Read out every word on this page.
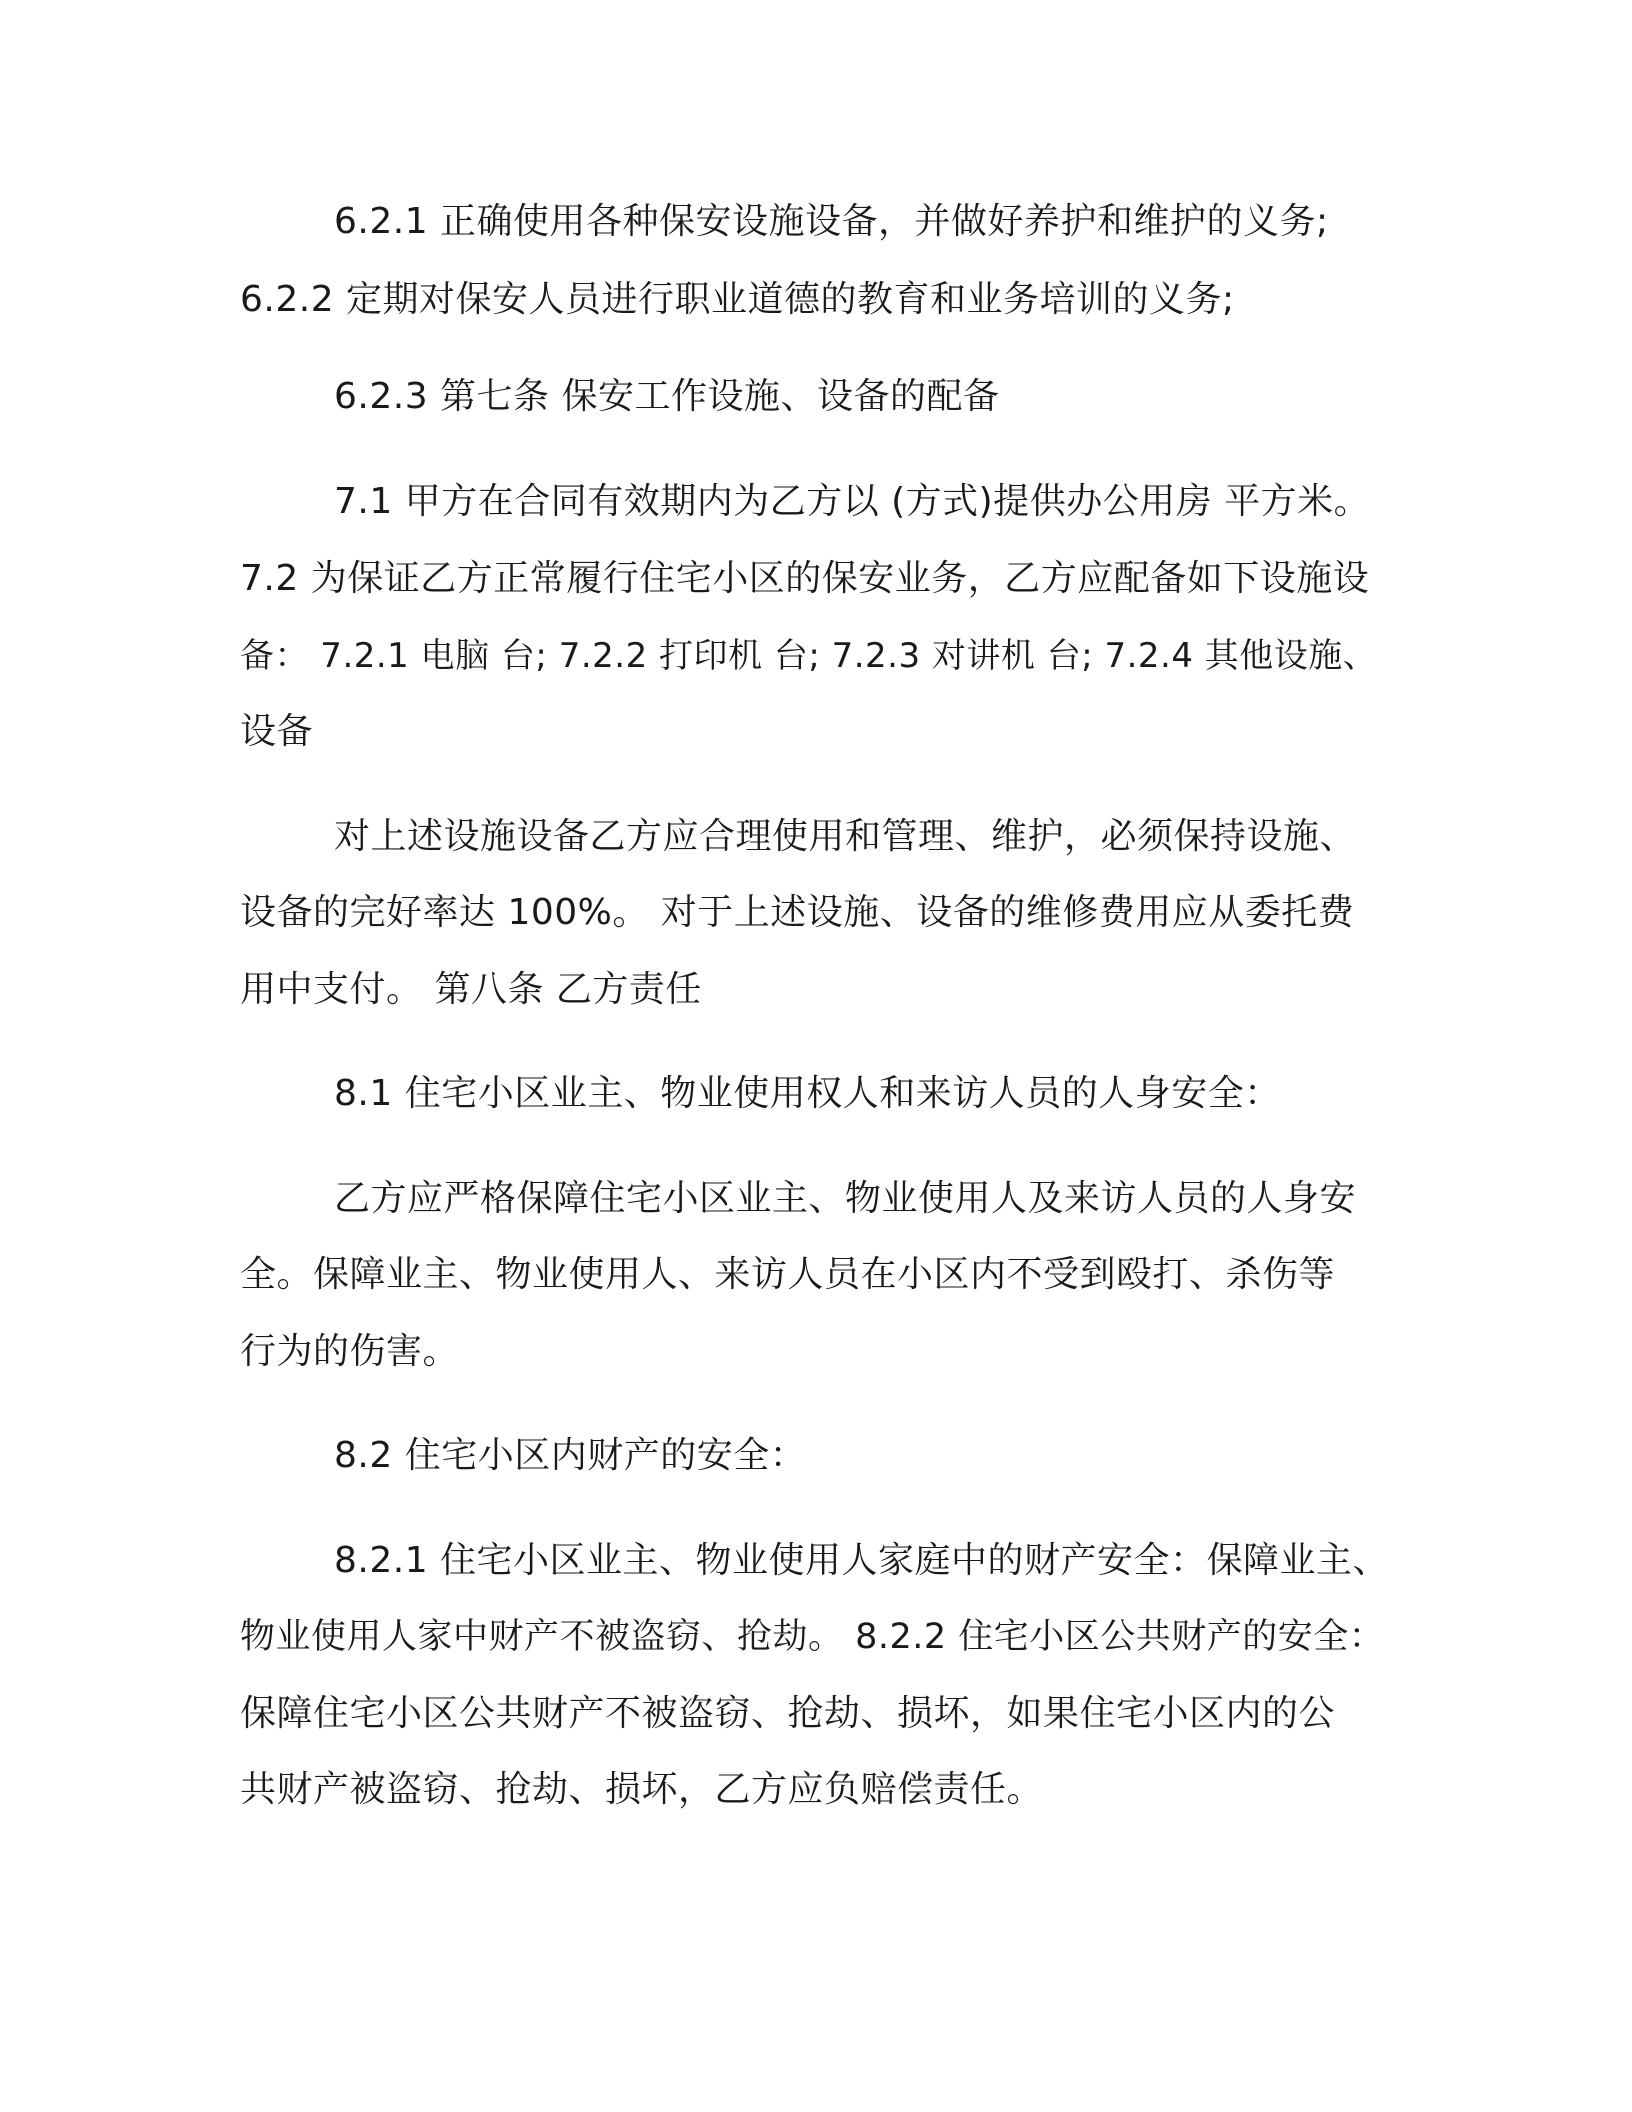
6.2.1 正确使用各种保安设施设备，并做好养护和维护的义务;
6.2.2 定期对保安人员进行职业道德的教育和业务培训的义务;
6.2.3 第七条 保安工作设施、设备的配备
7.1 甲方在合同有效期内为乙方以 (方式)提供办公用房 平方米。
7.2 为保证乙方正常履行住宅小区的保安业务，乙方应配备如下设施设
备： 7.2.1 电脑 台; 7.2.2 打印机 台; 7.2.3 对讲机 台; 7.2.4 其他设施、
设备
对上述设施设备乙方应合理使用和管理、维护，必须保持设施、
设备的完好率达 100%。 对于上述设施、设备的维修费用应从委托费
用中支付。 第八条 乙方责任
8.1 住宅小区业主、物业使用权人和来访人员的人身安全：
乙方应严格保障住宅小区业主、物业使用人及来访人员的人身安
全。保障业主、物业使用人、来访人员在小区内不受到殴打、杀伤等
行为的伤害。
8.2 住宅小区内财产的安全：
8.2.1 住宅小区业主、物业使用人家庭中的财产安全：保障业主、
物业使用人家中财产不被盗窃、抢劫。 8.2.2 住宅小区公共财产的安全：
保障住宅小区公共财产不被盗窃、抢劫、损坏，如果住宅小区内的公
共财产被盗窃、抢劫、损坏，乙方应负赔偿责任。
